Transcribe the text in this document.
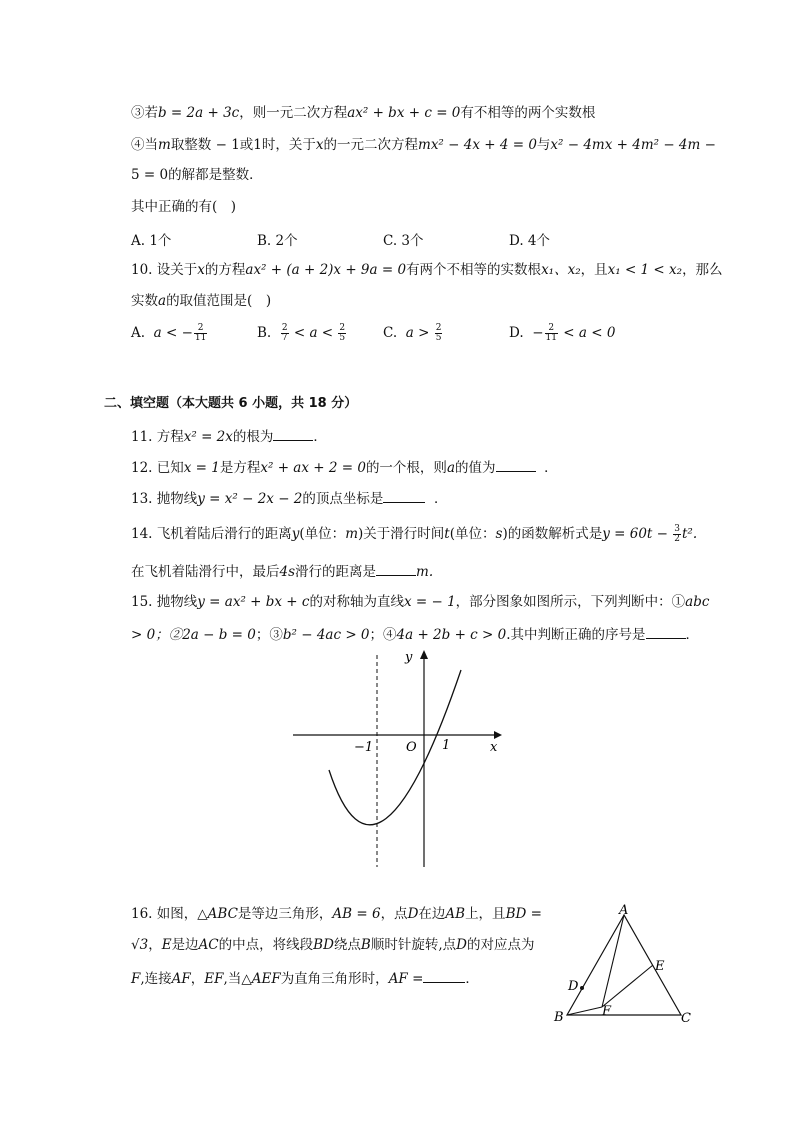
③若b = 2a + 3c，则一元二次方程ax² + bx + c = 0有不相等的两个实数根
④当m取整数 − 1或1时，关于x的一元二次方程mx² − 4x + 4 = 0与x² − 4mx + 4m² − 4m −
5 = 0的解都是整数．
其中正确的有(　)
A. 1个	B. 2个	C. 3个	D. 4个
10. 设关于x的方程ax² + (a + 2)x + 9a = 0有两个不相等的实数根x₁、x₂，且x₁ < 1 < x₂，那么
实数a的取值范围是(　)
A. a < − $\frac{2}{11}$	B. $\frac{2}{7} < a < \frac{2}{5}$	C. $a > \frac{2}{5}$	D. − $\frac{2}{11} < a < 0$
二、填空题（本大题共 6 小题，共 18 分）
11. 方程x² = 2x的根为	．
12. 已知x = 1是方程x² + ax + 2 = 0的一个根，则a的值为	．
13. 抛物线y = x² − 2x − 2的顶点坐标是	．
14. 飞机着陆后滑行的距离y(单位：m)关于滑行时间t(单位：s)的函数解析式是$y = 60t - \frac{3}{2} t^2$.
在飞机着陆滑行中，最后4s滑行的距离是	m.
15. 抛物线y = ax² + bx + c的对称轴为直线x = − 1，部分图象如图所示，下列判断中：①abc
> 0；②2a − b = 0；③b² − 4ac > 0；④4a + 2b + c > 0.其中判断正确的序号是	．
y
x
O
−1	1
16. 如图，△ABC是等边三角形，AB = 6，点D在边AB上，且BD =
√3，E是边AC的中点，将线段BD绕点B顺时针旋转,点D的对应点为
F,连接AF，EF,当△AEF为直角三角形时，AF =	．
A
B	C
D
E
F
